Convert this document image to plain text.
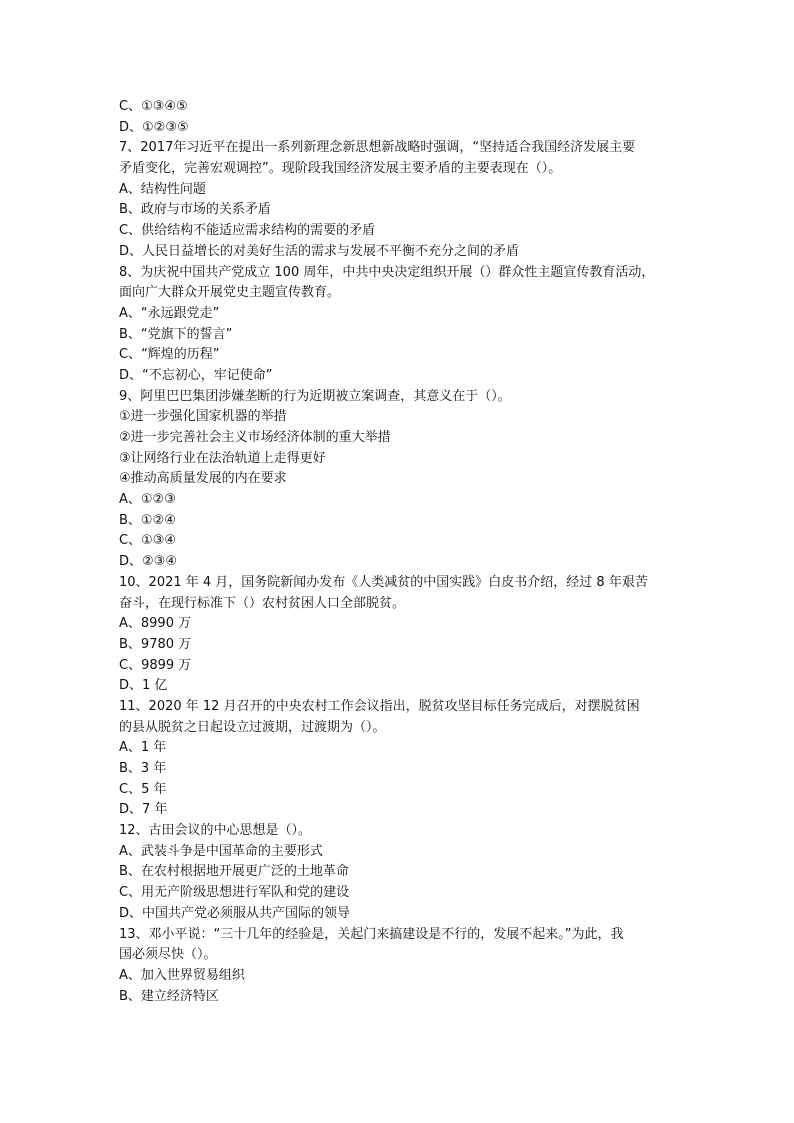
C、①③④⑤
D、①②③⑤
7、2017年习近平在提出一系列新理念新思想新战略时强调，“坚持适合我国经济发展主要
矛盾变化，完善宏观调控”。现阶段我国经济发展主要矛盾的主要表现在（）。
A、结构性问题
B、政府与市场的关系矛盾
C、供给结构不能适应需求结构的需要的矛盾
D、人民日益增长的对美好生活的需求与发展不平衡不充分之间的矛盾
8、为庆祝中国共产党成立 100 周年，中共中央决定组织开展（）群众性主题宣传教育活动，
面向广大群众开展党史主题宣传教育。
A、“永远跟党走”
B、“党旗下的誓言”
C、“辉煌的历程”
D、“不忘初心，牢记使命”
9、阿里巴巴集团涉嫌垄断的行为近期被立案调查，其意义在于（）。
①进一步强化国家机器的举措
②进一步完善社会主义市场经济体制的重大举措
③让网络行业在法治轨道上走得更好
④推动高质量发展的内在要求
A、①②③
B、①②④
C、①③④
D、②③④
10、2021 年 4 月，国务院新闻办发布《人类减贫的中国实践》白皮书介绍，经过 8 年艰苦
奋斗，在现行标准下（）农村贫困人口全部脱贫。
A、8990 万
B、9780 万
C、9899 万
D、1 亿
11、2020 年 12 月召开的中央农村工作会议指出，脱贫攻坚目标任务完成后，对摆脱贫困
的县从脱贫之日起设立过渡期，过渡期为（）。
A、1 年
B、3 年
C、5 年
D、7 年
12、古田会议的中心思想是（）。
A、武装斗争是中国革命的主要形式
B、在农村根据地开展更广泛的土地革命
C、用无产阶级思想进行军队和党的建设
D、中国共产党必须服从共产国际的领导
13、邓小平说：“三十几年的经验是，关起门来搞建设是不行的，发展不起来。”为此，我
国必须尽快（）。
A、加入世界贸易组织
B、建立经济特区
